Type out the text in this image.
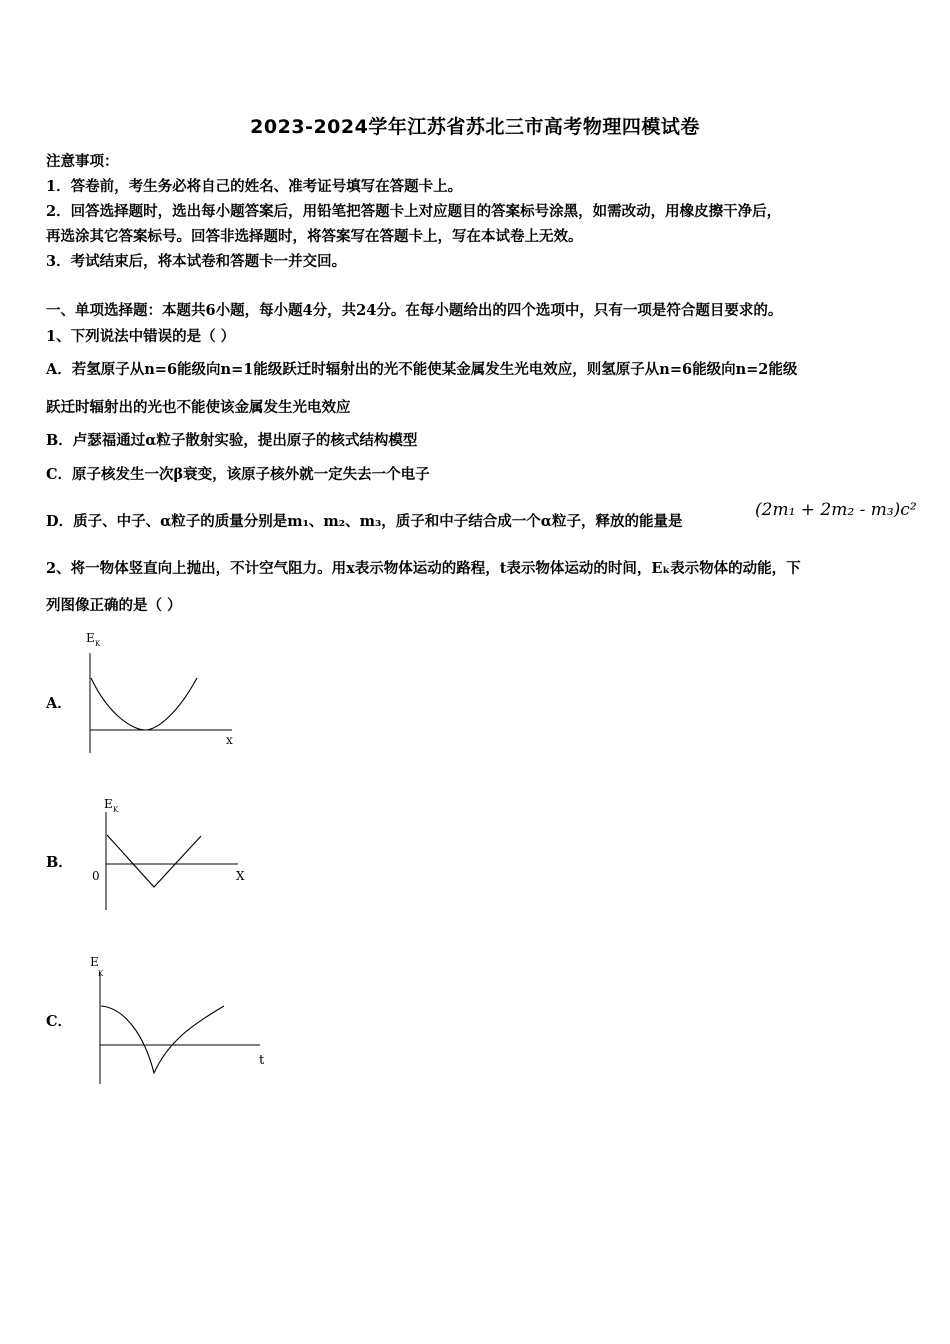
2023-2024学年江苏省苏北三市高考物理四模试卷
注意事项：
1．答卷前，考生务必将自己的姓名、准考证号填写在答题卡上。
2．回答选择题时，选出每小题答案后，用铅笔把答题卡上对应题目的答案标号涂黑，如需改动，用橡皮擦干净后，
再选涂其它答案标号。回答非选择题时，将答案写在答题卡上，写在本试卷上无效。
3．考试结束后，将本试卷和答题卡一并交回。
一、单项选择题：本题共6小题，每小题4分，共24分。在每小题给出的四个选项中，只有一项是符合题目要求的。
1、下列说法中错误的是（ ）
A．若氢原子从n=6能级向n=1能级跃迁时辐射出的光不能使某金属发生光电效应，则氢原子从n=6能级向n=2能级
跃迁时辐射出的光也不能使该金属发生光电效应
B．卢瑟福通过α粒子散射实验，提出原子的核式结构模型
C．原子核发生一次β衰变，该原子核外就一定失去一个电子
D．质子、中子、α粒子的质量分别是m₁、m₂、m₃，质子和中子结合成一个α粒子，释放的能量是
(2m₁ + 2m₂ - m₃)c²
2、将一物体竖直向上抛出，不计空气阻力。用x表示物体运动的路程，t表示物体运动的时间，Eₖ表示物体的动能，下
列图像正确的是（ ）
A．
E K
x
B．
E K
0	X
C．
E
K
t
